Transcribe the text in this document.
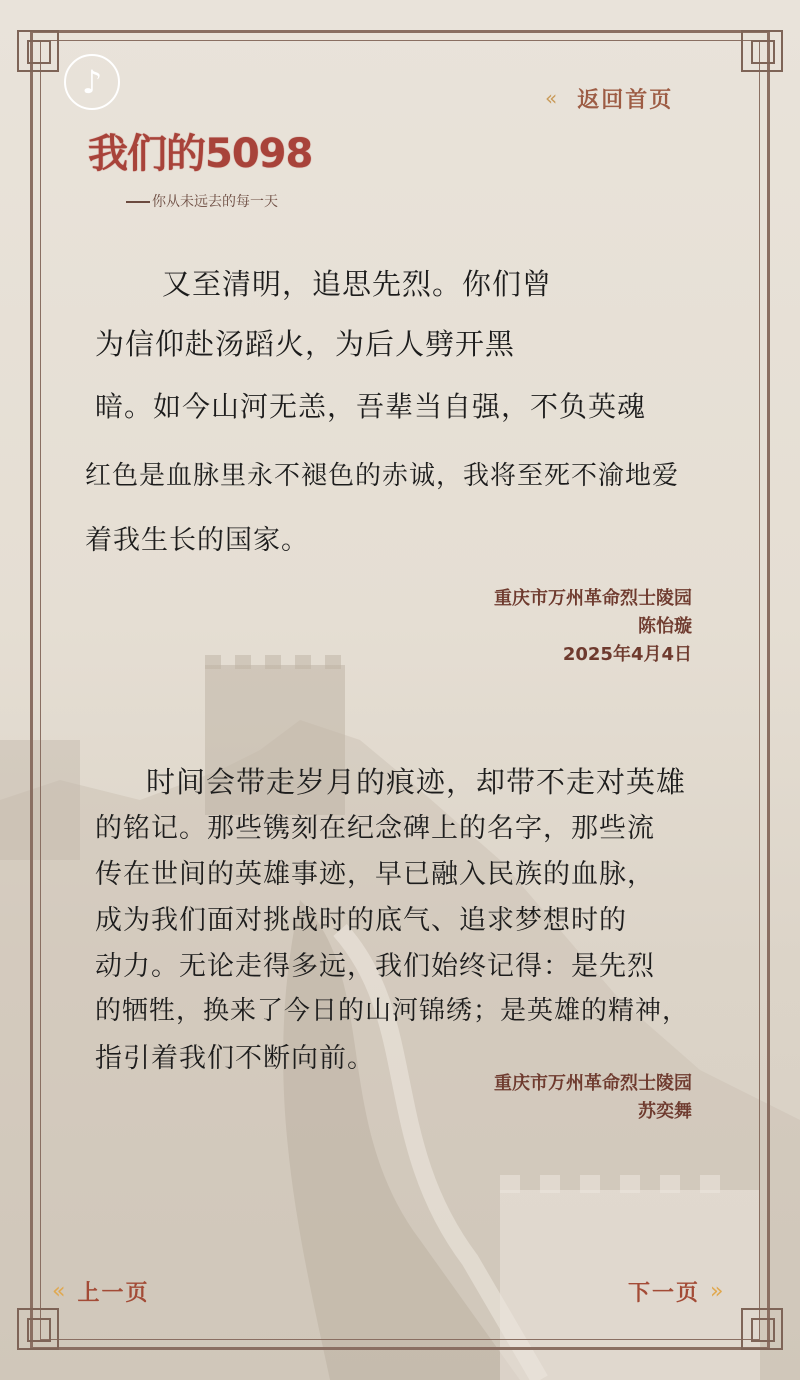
♪	« 返回首页
我们的5098
你从未远去的每一天
又至清明，追思先烈。你们曾
为信仰赴汤蹈火，为后人劈开黑
暗。如今山河无恙，吾辈当自强，不负英魂
红色是血脉里永不褪色的赤诚，我将至死不渝地爱
着我生长的国家。
重庆市万州革命烈士陵园
陈怡璇
2025年4月4日
时间会带走岁月的痕迹，却带不走对英雄
的铭记。那些镌刻在纪念碑上的名字，那些流
传在世间的英雄事迹，早已融入民族的血脉，
成为我们面对挑战时的底气、追求梦想时的
动力。无论走得多远，我们始终记得：是先烈
的牺牲，换来了今日的山河锦绣；是英雄的精神，
指引着我们不断向前。
重庆市万州革命烈士陵园
苏奕舞
« 上一页	下一页 »
